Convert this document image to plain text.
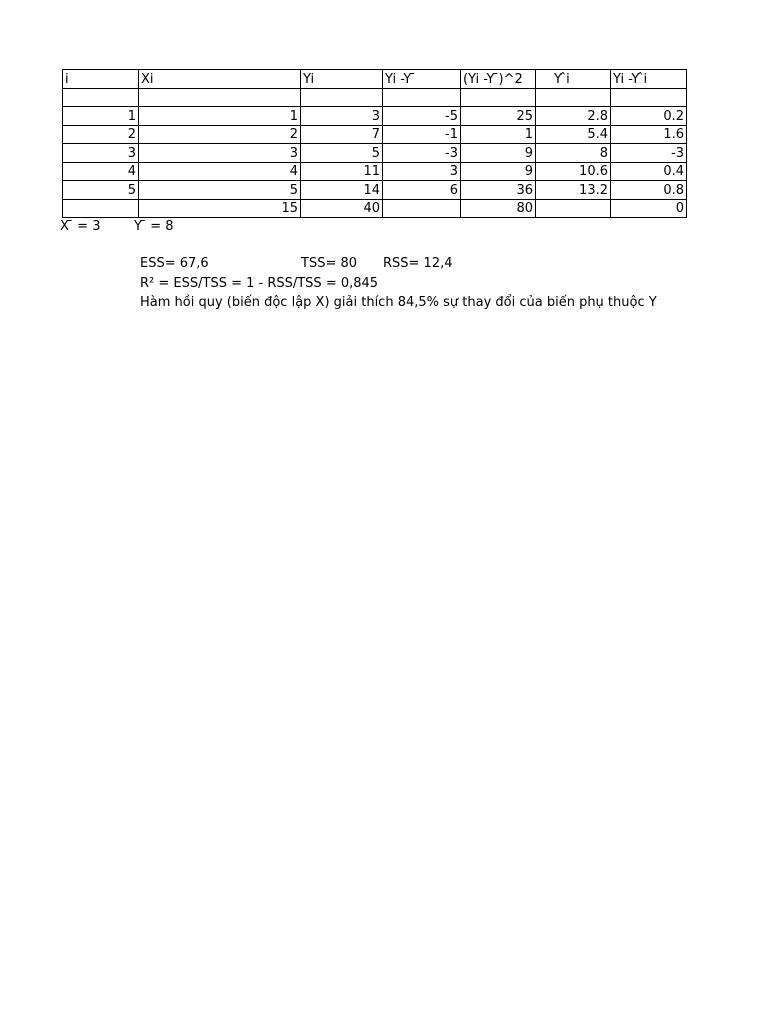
i	Xi	Yi	Yi -Y ̄	(Yi -Y ̄)^2	Y ̂i	Yi -Y ̂i

1	1	3	-5	25	2.8	0.2
2	2	7	-1	1	5.4	1.6
3	3	5	-3	9	8	-3
4	4	11	3	9	10.6	0.4
5	5	14	6	36	13.2	0.8
	15	40		80		0
X ̄ = 3	Y ̄ = 8
ESS= 67,6	TSS= 80 RSS= 12,4
R² = ESS/TSS = 1 - RSS/TSS = 0,845
Hàm hồi quy (biến độc lập X) giải thích 84,5% sự thay đổi của biến phụ thuộc Y
